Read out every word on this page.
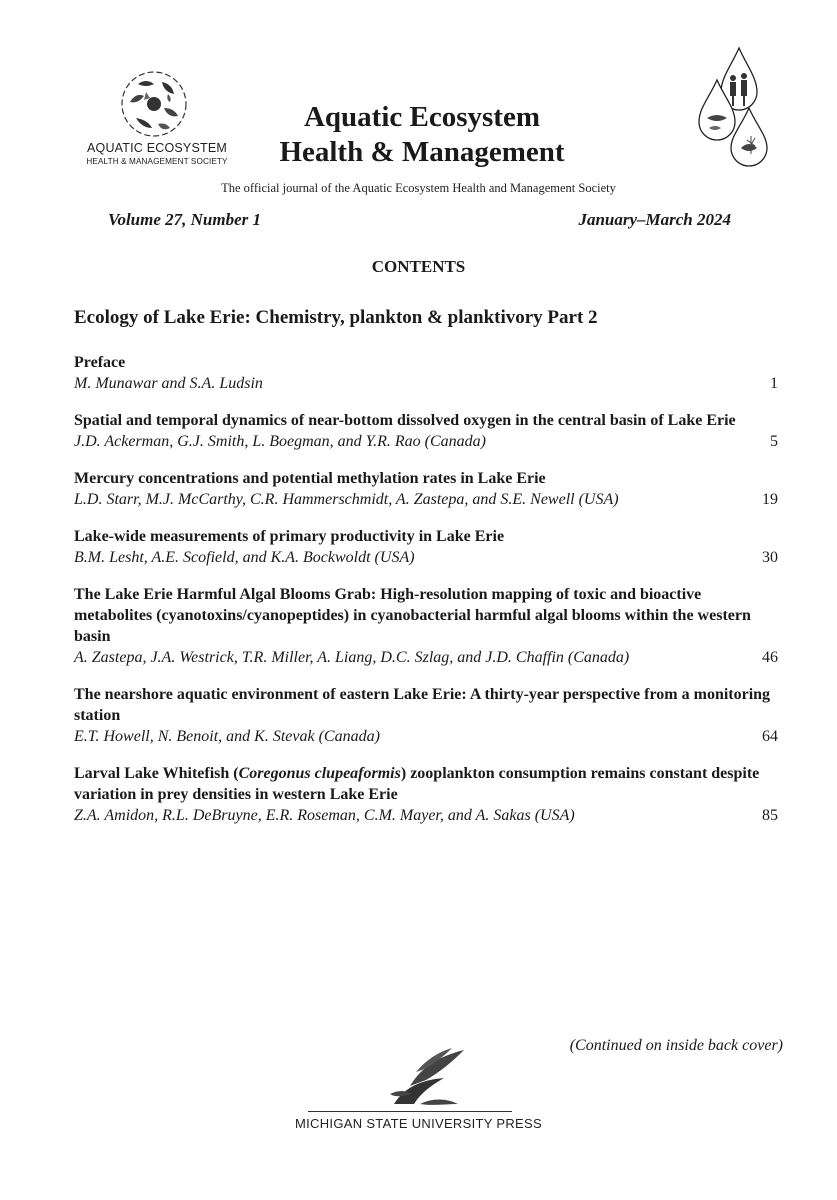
AQUATIC ECOSYSTEM
HEALTH & MANAGEMENT SOCIETY
Aquatic Ecosystem
Health & Management
The official journal of the Aquatic Ecosystem Health and Management Society
Volume 27, Number 1	January–March 2024
CONTENTS
Ecology of Lake Erie: Chemistry, plankton & planktivory Part 2
Preface
M. Munawar and S.A. Ludsin	1
Spatial and temporal dynamics of near-bottom dissolved oxygen in the central basin of Lake Erie
J.D. Ackerman, G.J. Smith, L. Boegman, and Y.R. Rao (Canada)	5
Mercury concentrations and potential methylation rates in Lake Erie
L.D. Starr, M.J. McCarthy, C.R. Hammerschmidt, A. Zastepa, and S.E. Newell (USA)	19
Lake-wide measurements of primary productivity in Lake Erie
B.M. Lesht, A.E. Scofield, and K.A. Bockwoldt (USA)	30
The Lake Erie Harmful Algal Blooms Grab: High-resolution mapping of toxic and bioactive metabolites (cyanotoxins/cyanopeptides) in cyanobacterial harmful algal blooms within the western basin
A. Zastepa, J.A. Westrick, T.R. Miller, A. Liang, D.C. Szlag, and J.D. Chaffin (Canada)	46
The nearshore aquatic environment of eastern Lake Erie: A thirty-year perspective from a monitoring station
E.T. Howell, N. Benoit, and K. Stevak (Canada)	64
Larval Lake Whitefish (Coregonus clupeaformis) zooplankton consumption remains constant despite variation in prey densities in western Lake Erie
Z.A. Amidon, R.L. DeBruyne, E.R. Roseman, C.M. Mayer, and A. Sakas (USA)	85
(Continued on inside back cover)
MICHIGAN STATE UNIVERSITY PRESS
